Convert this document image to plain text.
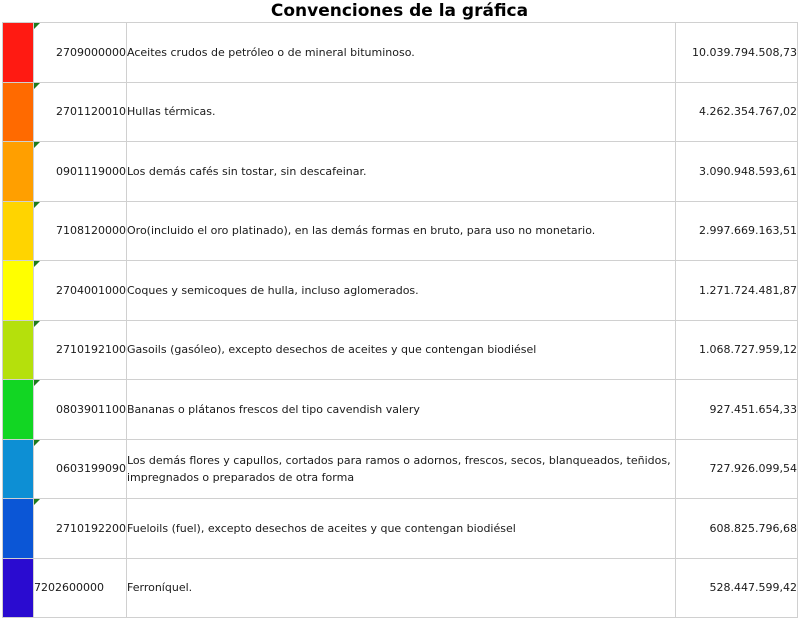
Convenciones de la gráfica

2709000000	Aceites crudos de petróleo o de mineral bituminoso.	10.039.794.508,73

2701120010	Hullas térmicas.	4.262.354.767,02

0901119000	Los demás cafés sin tostar, sin descafeinar.	3.090.948.593,61

7108120000	Oro(incluido el oro platinado), en las demás formas en bruto, para uso no monetario.	2.997.669.163,51

2704001000	Coques y semicoques de hulla, incluso aglomerados.	1.271.724.481,87

2710192100	Gasoils (gasóleo), excepto desechos de aceites y que contengan biodiésel	1.068.727.959,12

0803901100	Bananas o plátanos frescos del tipo cavendish valery	927.451.654,33

0603199090	Los demás flores y capullos, cortados para ramos o adornos, frescos, secos, blanqueados, teñidos, impregnados o preparados de otra forma	727.926.099,54

2710192200	Fueloils (fuel), excepto desechos de aceites y que contengan biodiésel	608.825.796,68
	7202600000	Ferroníquel.	528.447.599,42
